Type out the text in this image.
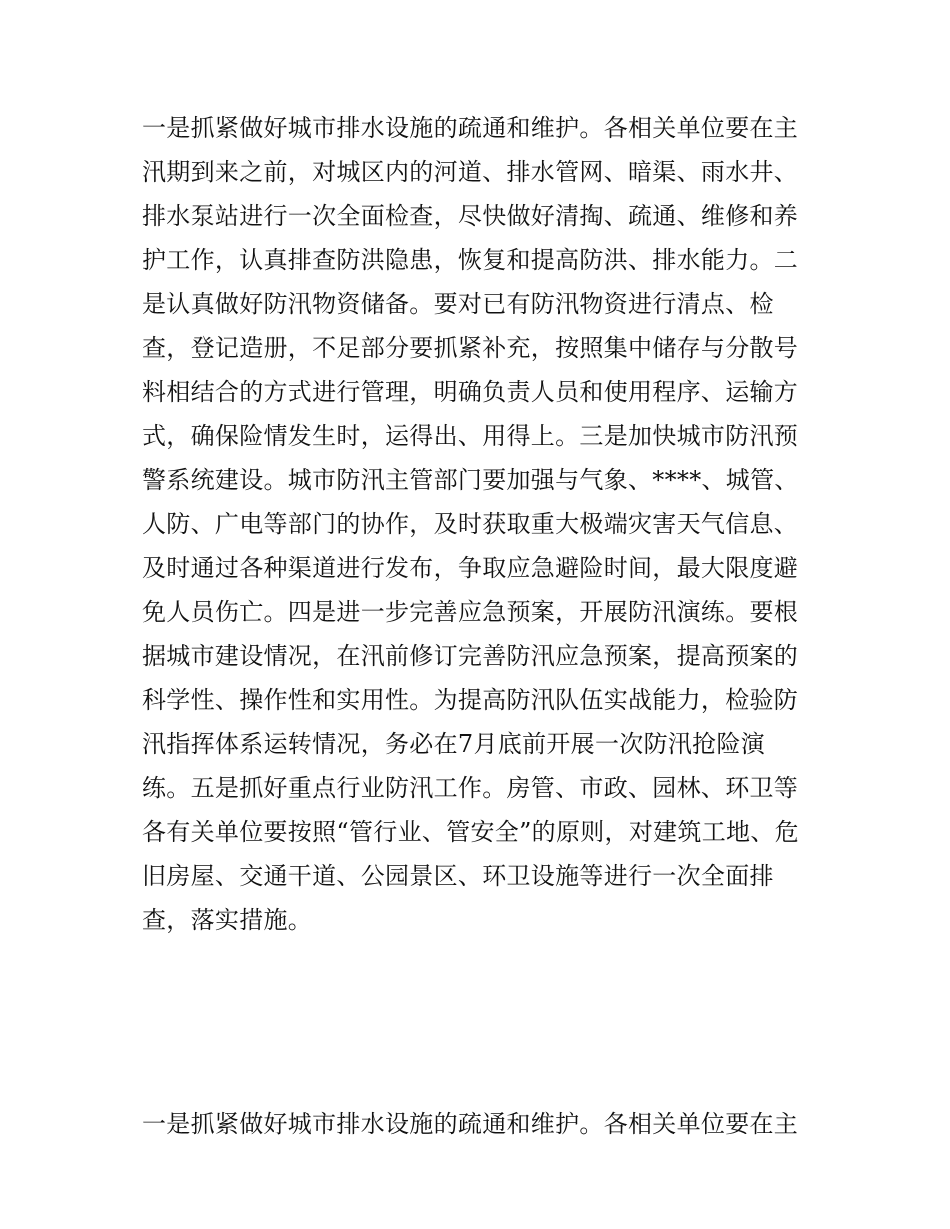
一是抓紧做好城市排水设施的疏通和维护。各相关单位要在主
汛期到来之前，对城区内的河道、排水管网、暗渠、雨水井、
排水泵站进行一次全面检查，尽快做好清掏、疏通、维修和养
护工作，认真排查防洪隐患，恢复和提高防洪、排水能力。二
是认真做好防汛物资储备。要对已有防汛物资进行清点、检
查，登记造册，不足部分要抓紧补充，按照集中储存与分散号
料相结合的方式进行管理，明确负责人员和使用程序、运输方
式，确保险情发生时，运得出、用得上。三是加快城市防汛预
警系统建设。城市防汛主管部门要加强与气象、****、城管、
人防、广电等部门的协作，及时获取重大极端灾害天气信息、
及时通过各种渠道进行发布，争取应急避险时间，最大限度避
免人员伤亡。四是进一步完善应急预案，开展防汛演练。要根
据城市建设情况，在汛前修订完善防汛应急预案，提高预案的
科学性、操作性和实用性。为提高防汛队伍实战能力，检验防
汛指挥体系运转情况，务必在7月底前开展一次防汛抢险演
练。五是抓好重点行业防汛工作。房管、市政、园林、环卫等
各有关单位要按照“管行业、管安全”的原则，对建筑工地、危
旧房屋、交通干道、公园景区、环卫设施等进行一次全面排
查，落实措施。
一是抓紧做好城市排水设施的疏通和维护。各相关单位要在主
